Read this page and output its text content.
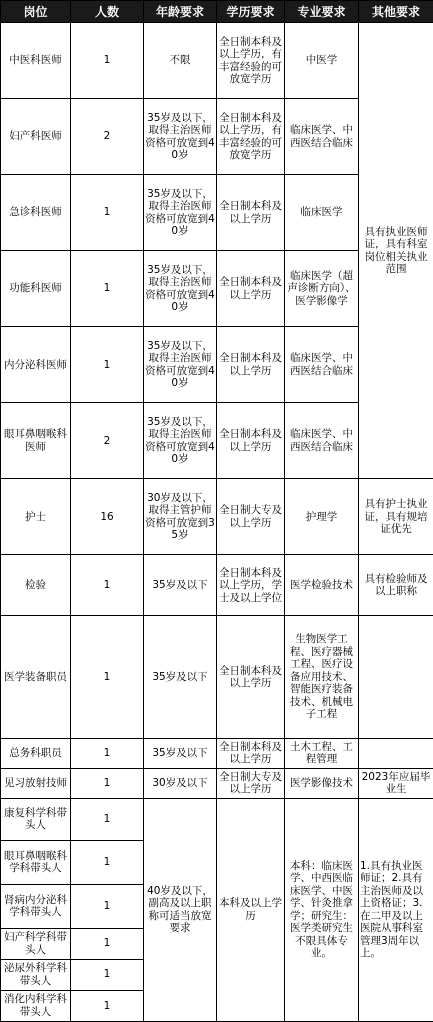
岗位	人数	年龄要求	学历要求	专业要求	其他要求
中医科医师	1	不限	全日制本科及以上学历，有丰富经验的可放宽学历	中医学	具有执业医师证，具有科室岗位相关执业范围
妇产科医师	2	35岁及以下，取得主治医师资格可放宽到40岁	全日制本科及以上学历，有丰富经验的可放宽学历	临床医学、中西医结合临床	
急诊科医师	1	35岁及以下，取得主治医师资格可放宽到40岁	全日制本科及以上学历	临床医学	
功能科医师	1	35岁及以下，取得主治医师资格可放宽到40岁	全日制本科及以上学历	临床医学（超声诊断方向）、医学影像学	
内分泌科医师	1	35岁及以下，取得主治医师资格可放宽到40岁	全日制本科及以上学历	临床医学、中西医结合临床	
眼耳鼻咽喉科医师	2	35岁及以下，取得主治医师资格可放宽到40岁	全日制本科及以上学历	临床医学、中西医结合临床	
护士	16	30岁及以下，取得主管护师资格可放宽到35岁	全日制大专及以上学历	护理学	具有护士执业证，具有规培证优先
检验	1	35岁及以下	全日制本科及以上学历，学士及以上学位	医学检验技术	具有检验师及以上职称
医学装备职员	1	35岁及以下	全日制本科及以上学历	生物医学工程、医疗器械工程、医疗设备应用技术、智能医疗装备技术、机械电子工程	
总务科职员	1	35岁及以下	全日制本科及以上学历	土木工程、工程管理	
见习放射技师	1	30岁及以下	全日制大专及以上学历	医学影像技术	2023年应届毕业生
康复科学科带头人	1	40岁及以下，副高及以上职称可适当放宽要求	本科及以上学历	本科：临床医学、中西医临床医学、中医学、针灸推拿学；研究生：医学类研究生不限具体专业。	1.具有执业医师证；2.具有主治医师及以上资格证；3.在二甲及以上医院从事科室管理3周年以上。
眼耳鼻咽喉科学科带头人	1				
肾病内分泌科学科带头人	1				
妇产科学科带头人	1				
泌尿外科学科带头人	1				
消化内科学科带头人	1				
